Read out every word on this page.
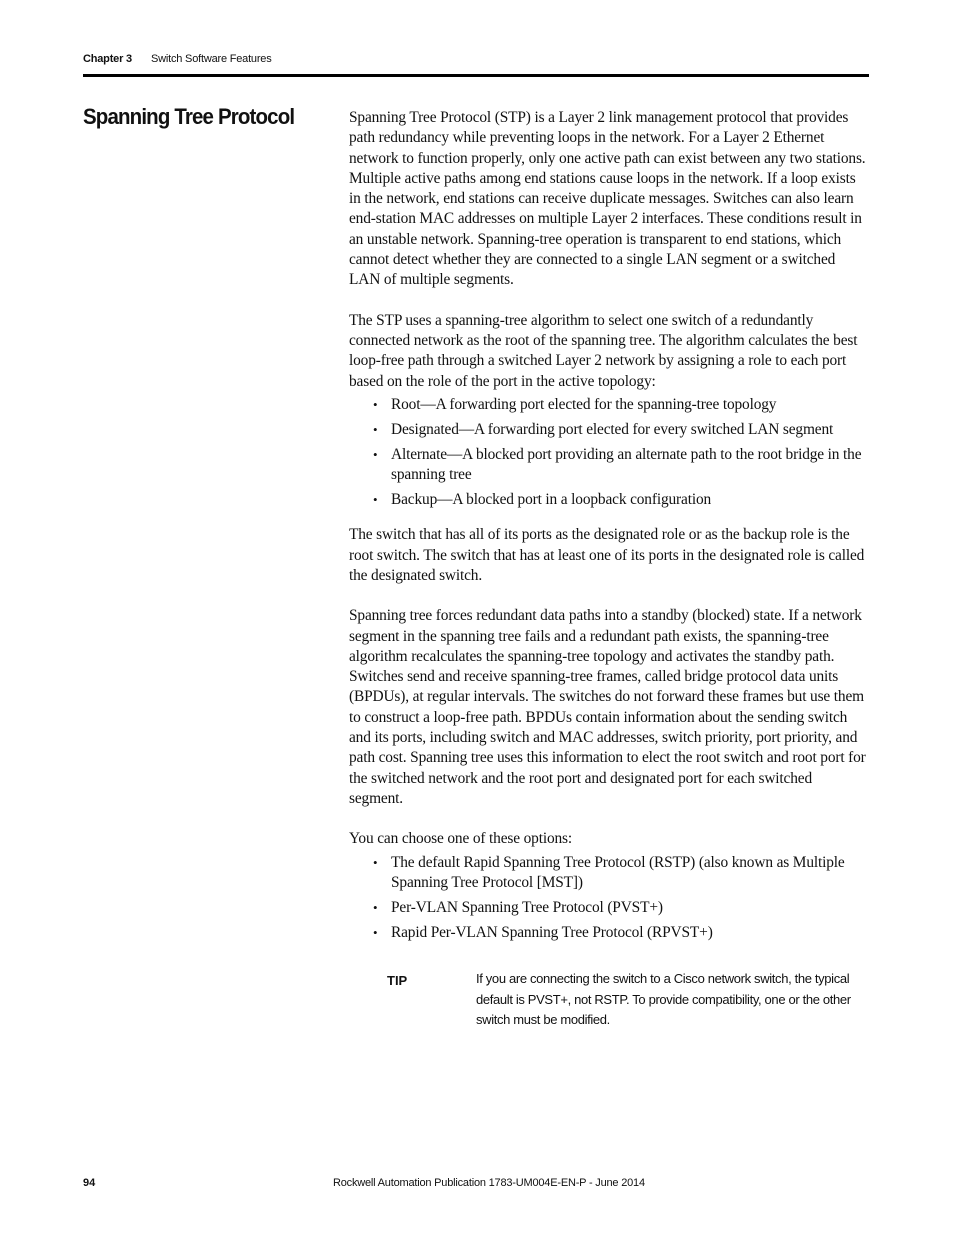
Chapter 3 Switch Software Features
Spanning Tree Protocol	Spanning Tree Protocol (STP) is a Layer 2 link management protocol that provides path redundancy while preventing loops in the network. For a Layer 2 Ethernet network to function properly, only one active path can exist between any two stations. Multiple active paths among end stations cause loops in the network. If a loop exists in the network, end stations can receive duplicate messages. Switches can also learn end-station MAC addresses on multiple Layer 2 interfaces. These conditions result in an unstable network. Spanning-tree operation is transparent to end stations, which cannot detect whether they are connected to a single LAN segment or a switched LAN of multiple segments.

The STP uses a spanning-tree algorithm to select one switch of a redundantly connected network as the root of the spanning tree. The algorithm calculates the best loop-free path through a switched Layer 2 network by assigning a role to each port based on the role of the port in the active topology:

• Root—A forwarding port elected for the spanning-tree topology
• Designated—A forwarding port elected for every switched LAN segment
• Alternate—A blocked port providing an alternate path to the root bridge in the spanning tree
• Backup—A blocked port in a loopback configuration

The switch that has all of its ports as the designated role or as the backup role is the root switch. The switch that has at least one of its ports in the designated role is called the designated switch.

Spanning tree forces redundant data paths into a standby (blocked) state. If a network segment in the spanning tree fails and a redundant path exists, the spanning-tree algorithm recalculates the spanning-tree topology and activates the standby path. Switches send and receive spanning-tree frames, called bridge protocol data units (BPDUs), at regular intervals. The switches do not forward these frames but use them to construct a loop-free path. BPDUs contain information about the sending switch and its ports, including switch and MAC addresses, switch priority, port priority, and path cost. Spanning tree uses this information to elect the root switch and root port for the switched network and the root port and designated port for each switched segment.

You can choose one of these options:

• The default Rapid Spanning Tree Protocol (RSTP) (also known as Multiple Spanning Tree Protocol [MST])
• Per-VLAN Spanning Tree Protocol (PVST+)
• Rapid Per-VLAN Spanning Tree Protocol (RPVST+)
TIP	If you are connecting the switch to a Cisco network switch, the typical default is PVST+, not RSTP. To provide compatibility, one or the other switch must be modified.
94	Rockwell Automation Publication 1783-UM004E-EN-P - June 2014
